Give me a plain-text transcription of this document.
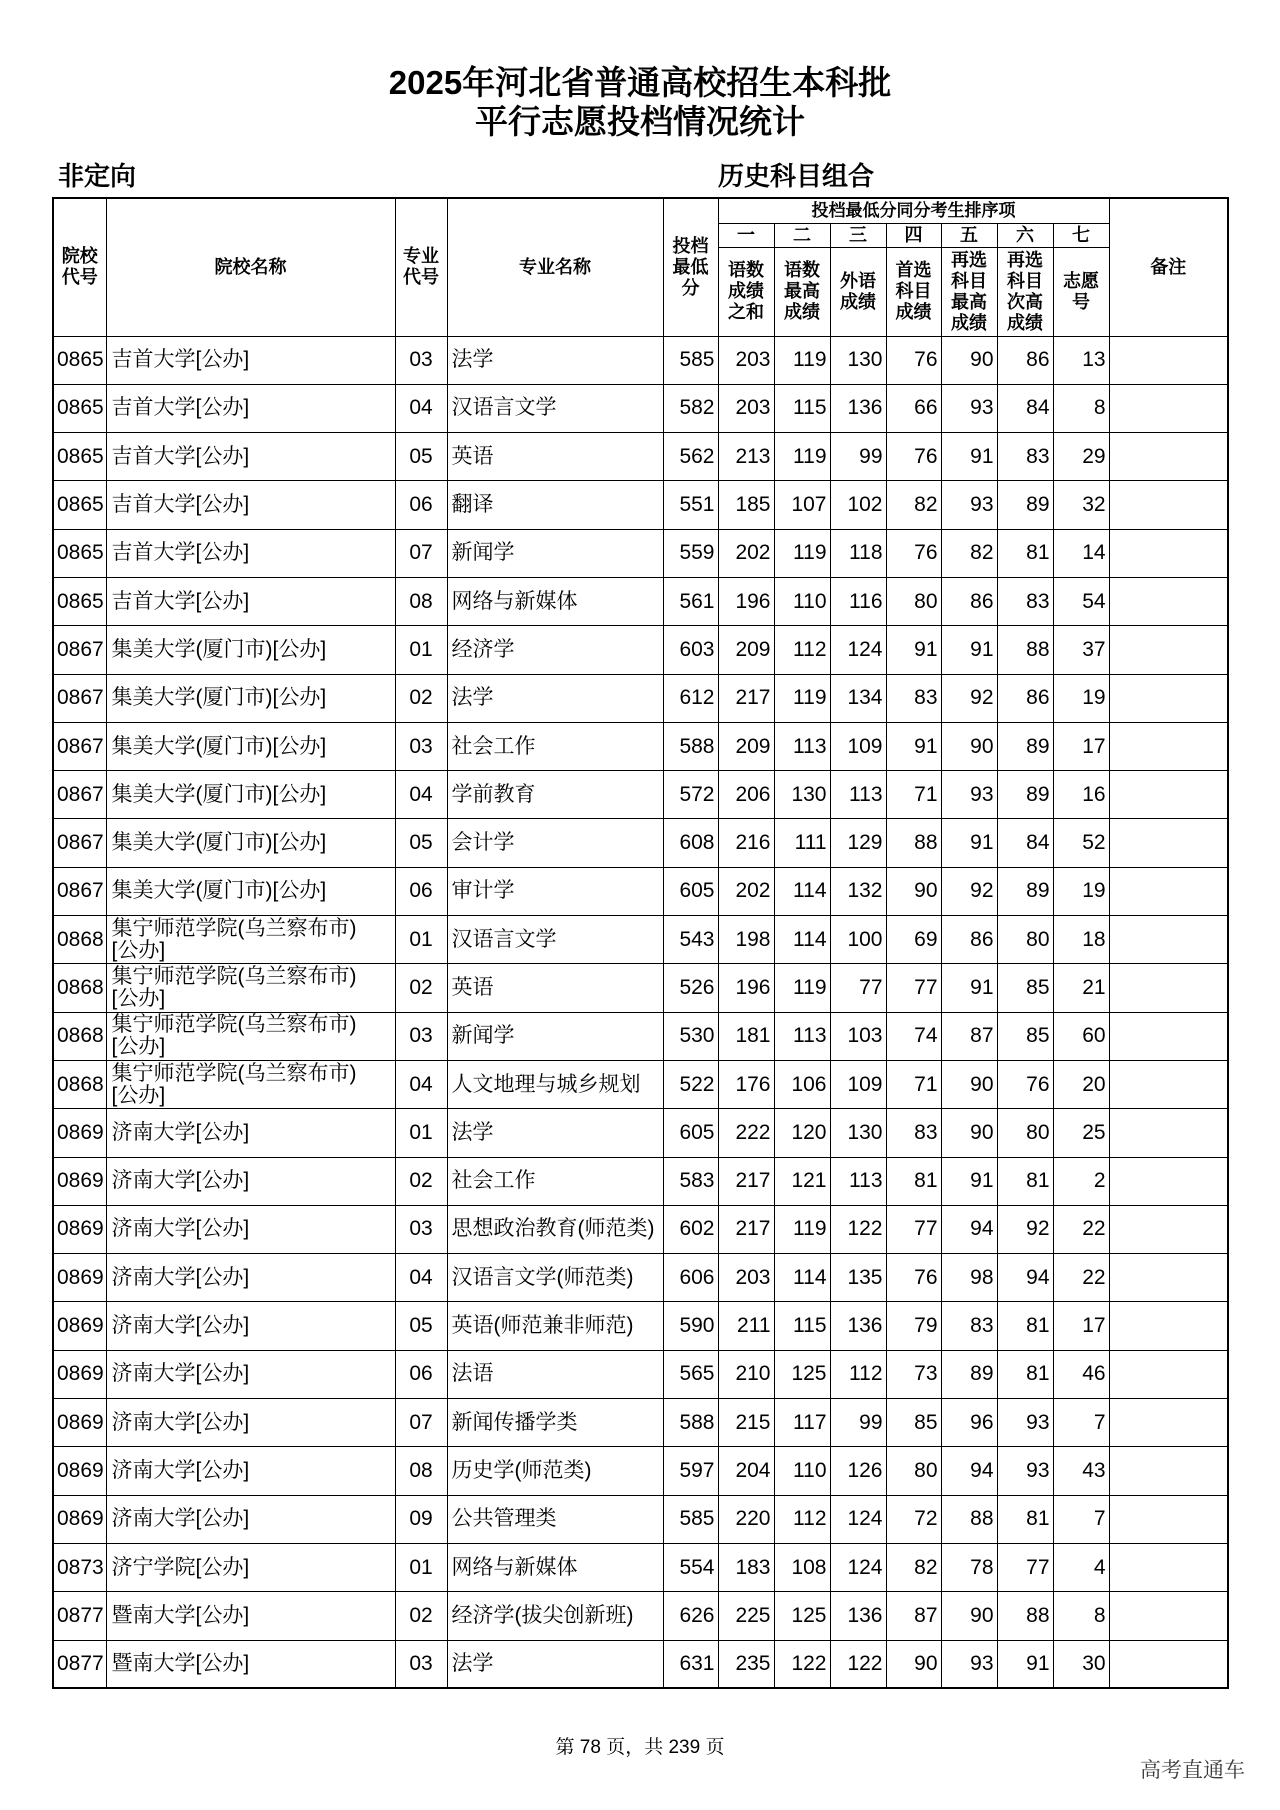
2025年河北省普通高校招生本科批
平行志愿投档情况统计
非定向	历史科目组合
院校代号	院校名称	专业代号	专业名称	投档最低分	投档最低分同分考生排序项							备注
					一	二	三	四	五	六	七	
					语数成绩之和	语数最高成绩	外语成绩	首选科目成绩	再选科目最高成绩	再选科目次高成绩	志愿号	
0865	吉首大学[公办]	03	法学	585	203	119	130	76	90	86	13	
0865	吉首大学[公办]	04	汉语言文学	582	203	115	136	66	93	84	8	
0865	吉首大学[公办]	05	英语	562	213	119	99	76	91	83	29	
0865	吉首大学[公办]	06	翻译	551	185	107	102	82	93	89	32	
0865	吉首大学[公办]	07	新闻学	559	202	119	118	76	82	81	14	
0865	吉首大学[公办]	08	网络与新媒体	561	196	110	116	80	86	83	54	
0867	集美大学(厦门市)[公办]	01	经济学	603	209	112	124	91	91	88	37	
0867	集美大学(厦门市)[公办]	02	法学	612	217	119	134	83	92	86	19	
0867	集美大学(厦门市)[公办]	03	社会工作	588	209	113	109	91	90	89	17	
0867	集美大学(厦门市)[公办]	04	学前教育	572	206	130	113	71	93	89	16	
0867	集美大学(厦门市)[公办]	05	会计学	608	216	111	129	88	91	84	52	
0867	集美大学(厦门市)[公办]	06	审计学	605	202	114	132	90	92	89	19	
0868	集宁师范学院(乌兰察布市)[公办]	01	汉语言文学	543	198	114	100	69	86	80	18	
0868	集宁师范学院(乌兰察布市)[公办]	02	英语	526	196	119	77	77	91	85	21	
0868	集宁师范学院(乌兰察布市)[公办]	03	新闻学	530	181	113	103	74	87	85	60	
0868	集宁师范学院(乌兰察布市)[公办]	04	人文地理与城乡规划	522	176	106	109	71	90	76	20	
0869	济南大学[公办]	01	法学	605	222	120	130	83	90	80	25	
0869	济南大学[公办]	02	社会工作	583	217	121	113	81	91	81	2	
0869	济南大学[公办]	03	思想政治教育(师范类)	602	217	119	122	77	94	92	22	
0869	济南大学[公办]	04	汉语言文学(师范类)	606	203	114	135	76	98	94	22	
0869	济南大学[公办]	05	英语(师范兼非师范)	590	211	115	136	79	83	81	17	
0869	济南大学[公办]	06	法语	565	210	125	112	73	89	81	46	
0869	济南大学[公办]	07	新闻传播学类	588	215	117	99	85	96	93	7	
0869	济南大学[公办]	08	历史学(师范类)	597	204	110	126	80	94	93	43	
0869	济南大学[公办]	09	公共管理类	585	220	112	124	72	88	81	7	
0873	济宁学院[公办]	01	网络与新媒体	554	183	108	124	82	78	77	4	
0877	暨南大学[公办]	02	经济学(拔尖创新班)	626	225	125	136	87	90	88	8	
0877	暨南大学[公办]	03	法学	631	235	122	122	90	93	91	30	
第 78 页，共 239 页
高考直通车
